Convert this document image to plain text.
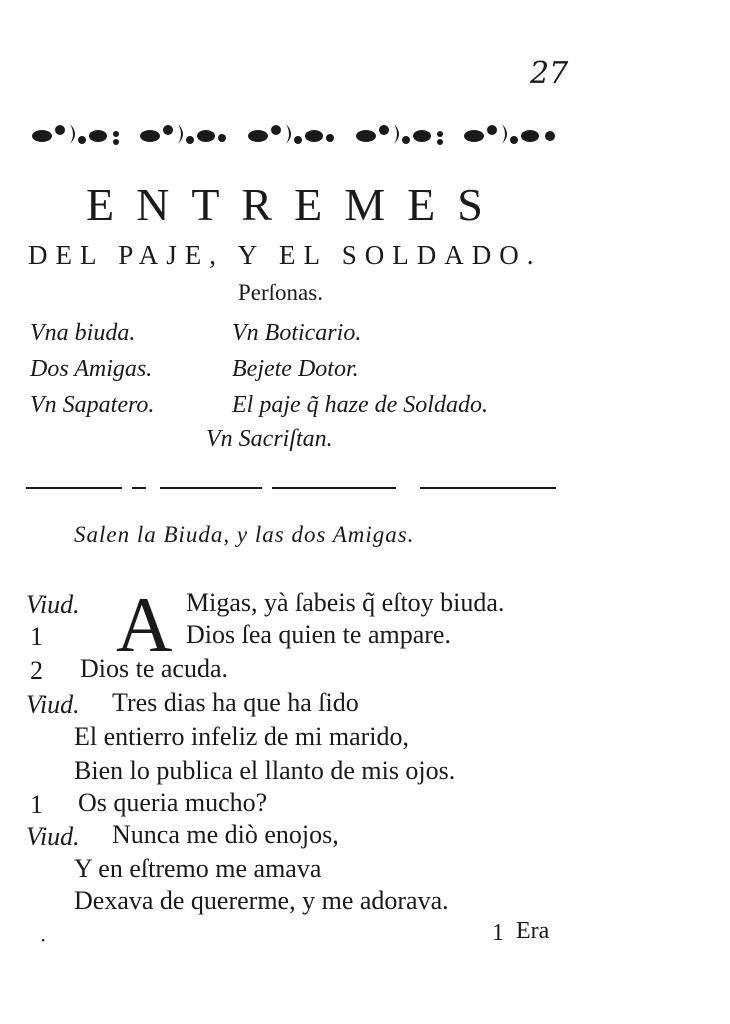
27
ENTREMES
DEL PAJE, Y EL SOLDADO.
Perſonas.
Vna biuda.
Dos Amigas.
Vn Sapatero.
Vn Boticario.
Bejete Dotor.
El paje q̃ haze de Soldado.
Vn Sacriſtan.
Salen la Biuda, y las dos Amigas.
A
Viud.	Migas, yà ſabeis q̃ eſtoy biuda.
1	Dios ſea quien te ampare.
2 Dios te acuda.
Viud. Tres dias ha que ha ſido
El entierro infeliz de mi marido,
Bien lo publica el llanto de mis ojos.
1 Os queria mucho?
Viud. Nunca me diò enojos,
Y en eſtremo me amava
Dexava de quererme, y me adorava.
1 Era
·
